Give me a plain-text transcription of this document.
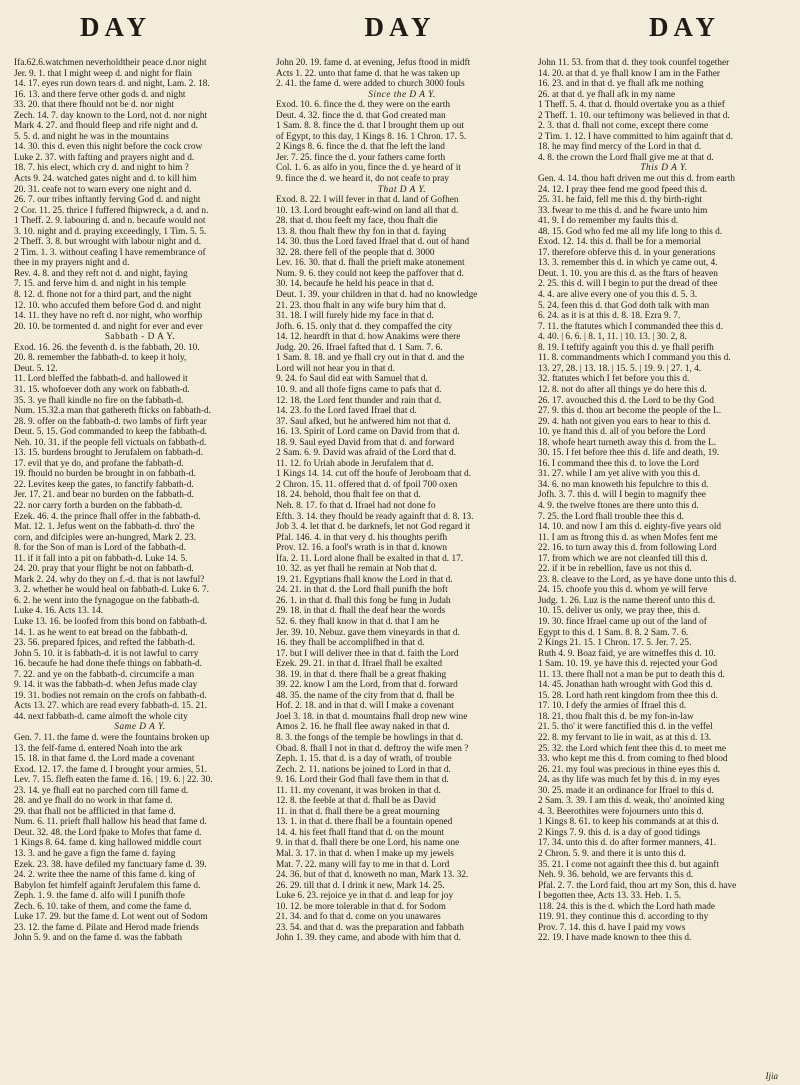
DAY	DAY	DAY
Ifa.62.6.watchmen neverholdtheir peace d.nor night
Jer. 9. 1. that I might weep d. and night for flain
14. 17. eyes run down tears d. and night, Lam. 2. 18.
16. 13. and there ferve other gods d. and night
33. 20. that there fhould not be d. nor night
Zech. 14. 7. day known to the Lord, not d. nor night
Mark 4. 27. and fhould fleep and rife night and d.
5. 5. d. and night he was in the mountains
14. 30. this d. even this night before the cock crow
Luke 2. 37. with fafting and prayers night and d.
18. 7. his elect, which cry d. and night to him ?
Acts 9. 24. watched gates night and d. to kill him
20. 31. ceafe not to warn every one night and d.
26. 7. our tribes inftantly ferving God d. and night
2 Cor. 11. 25. thrice I fuffered fhipwreck, a d. and n.
1 Theff. 2. 9. labouring d. and n. becaufe would not
3. 10. night and d. praying exceedingly, 1 Tim. 5. 5.
2 Theff. 3. 8. but wrought with labour night and d.
2 Tim. 1. 3. without ceafing I have remembrance of
thee in my prayers night and d.
Rev. 4. 8. and they reft not d. and night, faying
7. 15. and ferve him d. and night in his temple
8. 12. d. fhone not for a third part, and the night
12. 10. who accufed them before God d. and night
14. 11. they have no reft d. nor night, who worfhip
20. 10. be tormented d. and night for ever and ever
Sabbath - D A Y.
Exod. 16. 26. the feventh d. is the fabbath, 20. 10.
20. 8. remember the fabbath-d. to keep it holy,
Deut. 5. 12.
11. Lord bleffed the fabbath-d. and hallowed it
31. 15. whofoever doth any work on fabbath-d.
35. 3. ye fhall kindle no fire on the fabbath-d.
Num. 15.32.a man that gathereth fticks on fabbath-d.
28. 9. offer on the fabbath-d. two lambs of firft year
Deut. 5. 15. God commanded to keep the fabbath-d.
Neh. 10. 31. if the people fell victuals on fabbath-d.
13. 15. burdens brought to Jerufalem on fabbath-d.
17. evil that ye do, and profane the fabbath-d.
19. fhould no burden be brought in on fabbath-d.
22. Levites keep the gates, to fanctify fabbath-d.
Jer. 17. 21. and bear no burden on the fabbath-d.
22. nor carry forth a burden on the fabbath-d.
Ezek. 46. 4. the prince fhall offer in the fabbath-d.
Mat. 12. 1. Jefus went on the fabbath-d. thro' the
corn, and difciples were an-hungred, Mark 2. 23.
8. for the Son of man is Lord of the fabbath-d.
11. if it fall into a pit on fabbath-d. Luke 14. 5.
24. 20. pray that your flight be not on fabbath-d.
Mark 2. 24. why do they on f.-d. that is not lawful?
3. 2. whether he would heal on fabbath-d. Luke 6. 7.
6. 2. he went into the fynagogue on the fabbath-d.
Luke 4. 16. Acts 13. 14.
Luke 13. 16. be loofed from this bond on fabbath-d.
14. 1. as he went to eat bread on the fabbath-d.
23. 56. prepared fpices, and refted the fabbath-d.
John 5. 10. it is fabbath-d. it is not lawful to carry
16. becaufe he had done thefe things on fabbath-d.
7. 22. and ye on the fabbath-d. circumcife a man
9. 14. it was the fabbath-d. when Jefus made clay
19. 31. bodies not remain on the crofs on fabbath-d.
Acts 13. 27. which are read every fabbath-d. 15. 21.
44. next fabbath-d. came almoft the whole city
Same D A Y.
Gen. 7. 11. the fame d. were the fountains broken up
13. the felf-fame d. entered Noah into the ark
15. 18. in that fame d. the Lord made a covenant
Exod. 12. 17. the fame d. I brought your armies, 51.
Lev. 7. 15. flefh eaten the fame d. 16. | 19. 6. | 22. 30.
23. 14. ye fhall eat no parched corn till fame d.
28. and ye fhall do no work in that fame d.
29. that fhall not be afflicted in that fame d.
Num. 6. 11. prieft fhall hallow his head that fame d.
Deut. 32. 48. the Lord fpake to Mofes that fame d.
1 Kings 8. 64. fame d. king hallowed middle court
13. 3. and he gave a fign the fame d. faying
Ezek. 23. 38. have defiled my fanctuary fame d. 39.
24. 2. write thee the name of this fame d. king of
Babylon fet himfelf againft Jerufalem this fame d.
Zeph. 1. 9. the fame d. alfo will I punifh thofe
Zech. 6. 10. take of them, and come the fame d.
Luke 17. 29. but the fame d. Lot went out of Sodom
23. 12. the fame d. Pilate and Herod made friends
John 5. 9. and on the fame d. was the fabbath
John 20. 19. fame d. at evening, Jefus ftood in midft
Acts 1. 22. unto that fame d. that he was taken up
2. 41. the fame d. were added to church 3000 fouls
Since the D A Y.
Exod. 10. 6. fince the d. they were on the earth
Deut. 4. 32. fince the d. that God created man
1 Sam. 8. 8. fince the d. that I brought them up out
of Egypt, to this day, 1 Kings 8. 16. 1 Chron. 17. 5.
2 Kings 8. 6. fince the d. that fhe left the land
Jer. 7. 25. fince the d. your fathers came forth
Col. 1. 6. as alfo in you, fince the d. ye heard of it
9. fince the d. we heard it, do not ceafe to pray
That D A Y.
Exod. 8. 22. I will fever in that d. land of Gofhen
10. 13. Lord brought eaft-wind on land all that d.
28. that d. thou feeft my face, thou fhalt die
13. 8. thou fhalt fhew thy fon in that d. faying
14. 30. thus the Lord faved Ifrael that d. out of hand
32. 28. there fell of the people that d. 3000
Lev. 16. 30. that d. fhall the prieft make atonement
Num. 9. 6. they could not keep the paffover that d.
30. 14. becaufe he held his peace in that d.
Deut. 1. 39. your children in that d. had no knowledge
21. 23. thou fhalt in any wife bury him that d.
31. 18. I will furely hide my face in that d.
Jofh. 6. 15. only that d. they compaffed the city
14. 12. heardft in that d. how Anakims were there
Judg. 20. 26. Ifrael fafted that d. 1 Sam. 7. 6.
1 Sam. 8. 18. and ye fhall cry out in that d. and the
Lord will not hear you in that d.
9. 24. fo Saul did eat with Samuel that d.
10. 9. and all thofe figns came to pafs that d.
12. 18. the Lord fent thunder and rain that d.
14. 23. fo the Lord faved Ifrael that d.
37. Saul afked, but he anfwered him not that d.
16. 13. Spirit of Lord came on David from that d.
18. 9. Saul eyed David from that d. and forward
2 Sam. 6. 9. David was afraid of the Lord that d.
11. 12. fo Uriah abode in Jerufalem that d.
1 Kings 14. 14. cut off the houfe of Jeroboam that d.
2 Chron. 15. 11. offered that d. of fpoil 700 oxen
18. 24. behold, thou fhalt fee on that d.
Neh. 8. 17. fo that d. Ifrael had not done fo
Efth. 3. 14. they fhould be ready againft that d. 8. 13.
Job 3. 4. let that d. be darknefs, let not God regard it
Pfal. 146. 4. in that very d. his thoughts perifh
Prov. 12. 16. a fool's wrath is in that d. known
Ifa. 2. 11. Lord alone fhall be exalted in that d. 17.
10. 32. as yet fhall he remain at Nob that d.
19. 21. Egyptians fhall know the Lord in that d.
24. 21. in that d. the Lord fhall punifh the hoft
26. 1. in that d. fhall this fong be fung in Judah
29. 18. in that d. fhall the deaf hear the words
52. 6. they fhall know in that d. that I am he
Jer. 39. 10. Nebuz. gave them vineyards in that d.
16. they fhall be accomplifhed in that d.
17. but I will deliver thee in that d. faith the Lord
Ezek. 29. 21. in that d. Ifrael fhall be exalted
38. 19. in that d. there fhall be a great fhaking
39. 22. know I am the Lord, from that d. forward
48. 35. the name of the city from that d. fhall be
Hof. 2. 18. and in that d. will I make a covenant
Joel 3. 18. in that d. mountains fhall drop new wine
Amos 2. 16. he fhall flee away naked in that d.
8. 3. the fongs of the temple be howlings in that d.
Obad. 8. fhall I not in that d. deftroy the wife men ?
Zeph. 1. 15. that d. is a day of wrath, of trouble
Zech. 2. 11. nations be joined to Lord in that d.
9. 16. Lord their God fhall fave them in that d.
11. 11. my covenant, it was broken in that d.
12. 8. the feeble at that d. fhall be as David
11. in that d. fhall there be a great mourning
13. 1. in that d. there fhall be a fountain opened
14. 4. his feet fhall ftand that d. on the mount
9. in that d. fhall there be one Lord, his name one
Mal. 3. 17. in that d. when I make up my jewels
Mat. 7. 22. many will fay to me in that d. Lord
24. 36. but of that d. knoweth no man, Mark 13. 32.
26. 29. till that d. I drink it new, Mark 14. 25.
Luke 6. 23. rejoice ye in that d. and leap for joy
10. 12. be more tolerable in that d. for Sodom
21. 34. and fo that d. come on you unawares
23. 54. and that d. was the preparation and fabbath
John 1. 39. they came, and abode with him that d.
John 11. 53. from that d. they took counfel together
14. 20. at that d. ye fhall know I am in the Father
16. 23. and in that d. ye fhall afk me nothing
26. at that d. ye fhall afk in my name
1 Theff. 5. 4. that d. fhould overtake you as a thief
2 Theff. 1. 10. our teftimony was believed in that d.
2. 3. that d. fhall not come, except there come
2 Tim. 1. 12. I have committed to him againft that d.
18. he may find mercy of the Lord in that d.
4. 8. the crown the Lord fhall give me at that d.
This D A Y.
Gen. 4. 14. thou haft driven me out this d. from earth
24. 12. I pray thee fend me good fpeed this d.
25. 31. he faid, fell me this d. thy birth-right
33. fwear to me this d. and he fware unto him
41. 9. I do remember my faults this d.
48. 15. God who fed me all my life long to this d.
Exod. 12. 14. this d. fhall be for a memorial
17. therefore obferve this d. in your generations
13. 3. remember this d. in which ye came out, 4.
Deut. 1. 10. you are this d. as the ftars of heaven
2. 25. this d. will I begin to put the dread of thee
4. 4. are alive every one of you this d. 5. 3.
5. 24. feen this d. that God doth talk with man
6. 24. as it is at this d. 8. 18. Ezra 9. 7.
7. 11. the ftatutes which I commanded thee this d.
4. 40. | 6. 6. | 8. 1, 11. | 10. 13. | 30. 2, 8.
8. 19. I teftify againft you this d. ye fhall perifh
11. 8. commandments which I command you this d.
13. 27, 28. | 13. 18. | 15. 5. | 19. 9. | 27. 1, 4.
32. ftatutes which I fet before you this d.
12. 8. not do after all things ye do here this d.
26. 17. avouched this d. the Lord to be thy God
27. 9. this d. thou art become the people of the L.
29. 4. hath not given you ears to hear to this d.
10. ye ftand this d. all of you before the Lord
18. whofe heart turneth away this d. from the L.
30. 15. I fet before thee this d. life and death, 19.
16. I command thee this d. to love the Lord
31. 27. while I am yet alive with you this d.
34. 6. no man knoweth his fepulchre to this d.
Jofh. 3. 7. this d. will I begin to magnify thee
4. 9. the twelve ftones are there unto this d.
7. 25. the Lord fhall trouble thee this d.
14. 10. and now I am this d. eighty-five years old
11. I am as ftrong this d. as when Mofes fent me
22. 16. to turn away this d. from following Lord
17. from which we are not cleanfed till this d.
22. if it be in rebellion, fave us not this d.
23. 8. cleave to the Lord, as ye have done unto this d.
24. 15. choofe you this d. whom ye will ferve
Judg. 1. 26. Luz is the name thereof unto this d.
10. 15. deliver us only, we pray thee, this d.
19. 30. fince Ifrael came up out of the land of
Egypt to this d. 1 Sam. 8. 8. 2 Sam. 7. 6.
2 Kings 21. 15. 1 Chron. 17. 5. Jer. 7. 25.
Ruth 4. 9. Boaz faid, ye are witneffes this d. 10.
1 Sam. 10. 19. ye have this d. rejected your God
11. 13. there fhall not a man be put to death this d.
14. 45. Jonathan hath wrought with God this d.
15. 28. Lord hath rent kingdom from thee this d.
17. 10. I defy the armies of Ifrael this d.
18. 21. thou fhalt this d. be my fon-in-law
21. 5. tho' it were fanctified this d. in the veffel
22. 8. my fervant to lie in wait, as at this d. 13.
25. 32. the Lord which fent thee this d. to meet me
33. who kept me this d. from coming to fhed blood
26. 21. my foul was precious in thine eyes this d.
24. as thy life was much fet by this d. in my eyes
30. 25. made it an ordinance for Ifrael to this d.
2 Sam. 3. 39. I am this d. weak, tho' anointed king
4. 3. Beerothites were fojourners unto this d.
1 Kings 8. 61. to keep his commands at at this d.
2 Kings 7. 9. this d. is a day of good tidings
17. 34. unto this d. do after former manners, 41.
2 Chron. 5. 9. and there it is unto this d.
35. 21. I come not againft thee this d. but againft
Neh. 9. 36. behold, we are fervants this d.
Pfal. 2. 7. the Lord faid, thou art my Son, this d. have
I begotten thee, Acts 13. 33. Heb. 1. 5.
118. 24. this is the d. which the Lord hath made
119. 91. they continue this d. according to thy
Prov. 7. 14. this d. have I paid my vows
22. 19. I have made known to thee this d.
Ijia
